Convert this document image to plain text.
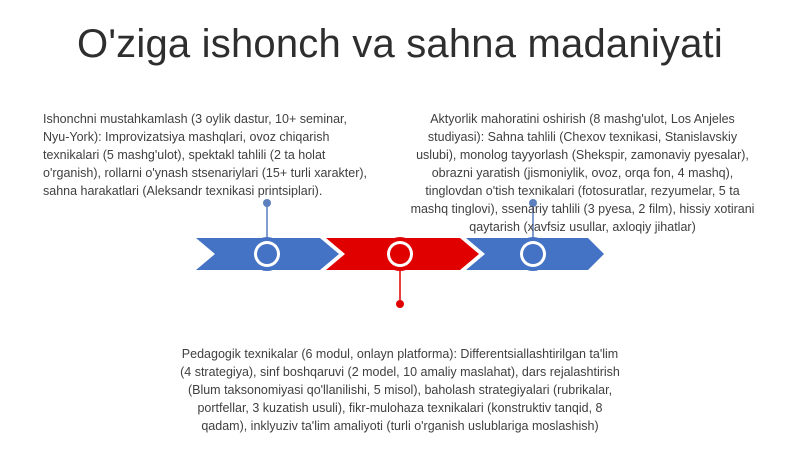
O'ziga ishonch va sahna madaniyati
Ishonchni mustahkamlash (3 oylik dastur, 10+ seminar, Nyu-York): Improvizatsiya mashqlari, ovoz chiqarish texnikalari (5 mashg'ulot), spektakl tahlili (2 ta holat o'rganish), rollarni o'ynash stsenariylari (15+ turli xarakter), sahna harakatlari (Aleksandr texnikasi printsiplari).
Aktyorlik mahoratini oshirish (8 mashg'ulot, Los Anjeles studiyasi): Sahna tahlili (Chexov texnikasi, Stanislavskiy uslubi), monolog tayyorlash (Shekspir, zamonaviy pyesalar), obrazni yaratish (jismoniylik, ovoz, orqa fon, 4 mashq), tinglovdan o'tish texnikalari (fotosuratlar, rezyumelar, 5 ta mashq tinglovi), ssenariy tahlili (3 pyesa, 2 film), hissiy xotirani qaytarish (xavfsiz usullar, axloqiy jihatlar)
Pedagogik texnikalar (6 modul, onlayn platforma): Differentsiallashtirilgan ta'lim (4 strategiya), sinf boshqaruvi (2 model, 10 amaliy maslahat), dars rejalashtirish (Blum taksonomiyasi qo'llanilishi, 5 misol), baholash strategiyalari (rubrikalar, portfellar, 3 kuzatish usuli), fikr-mulohaza texnikalari (konstruktiv tanqid, 8 qadam), inklyuziv ta'lim amaliyoti (turli o'rganish uslublariga moslashish)
